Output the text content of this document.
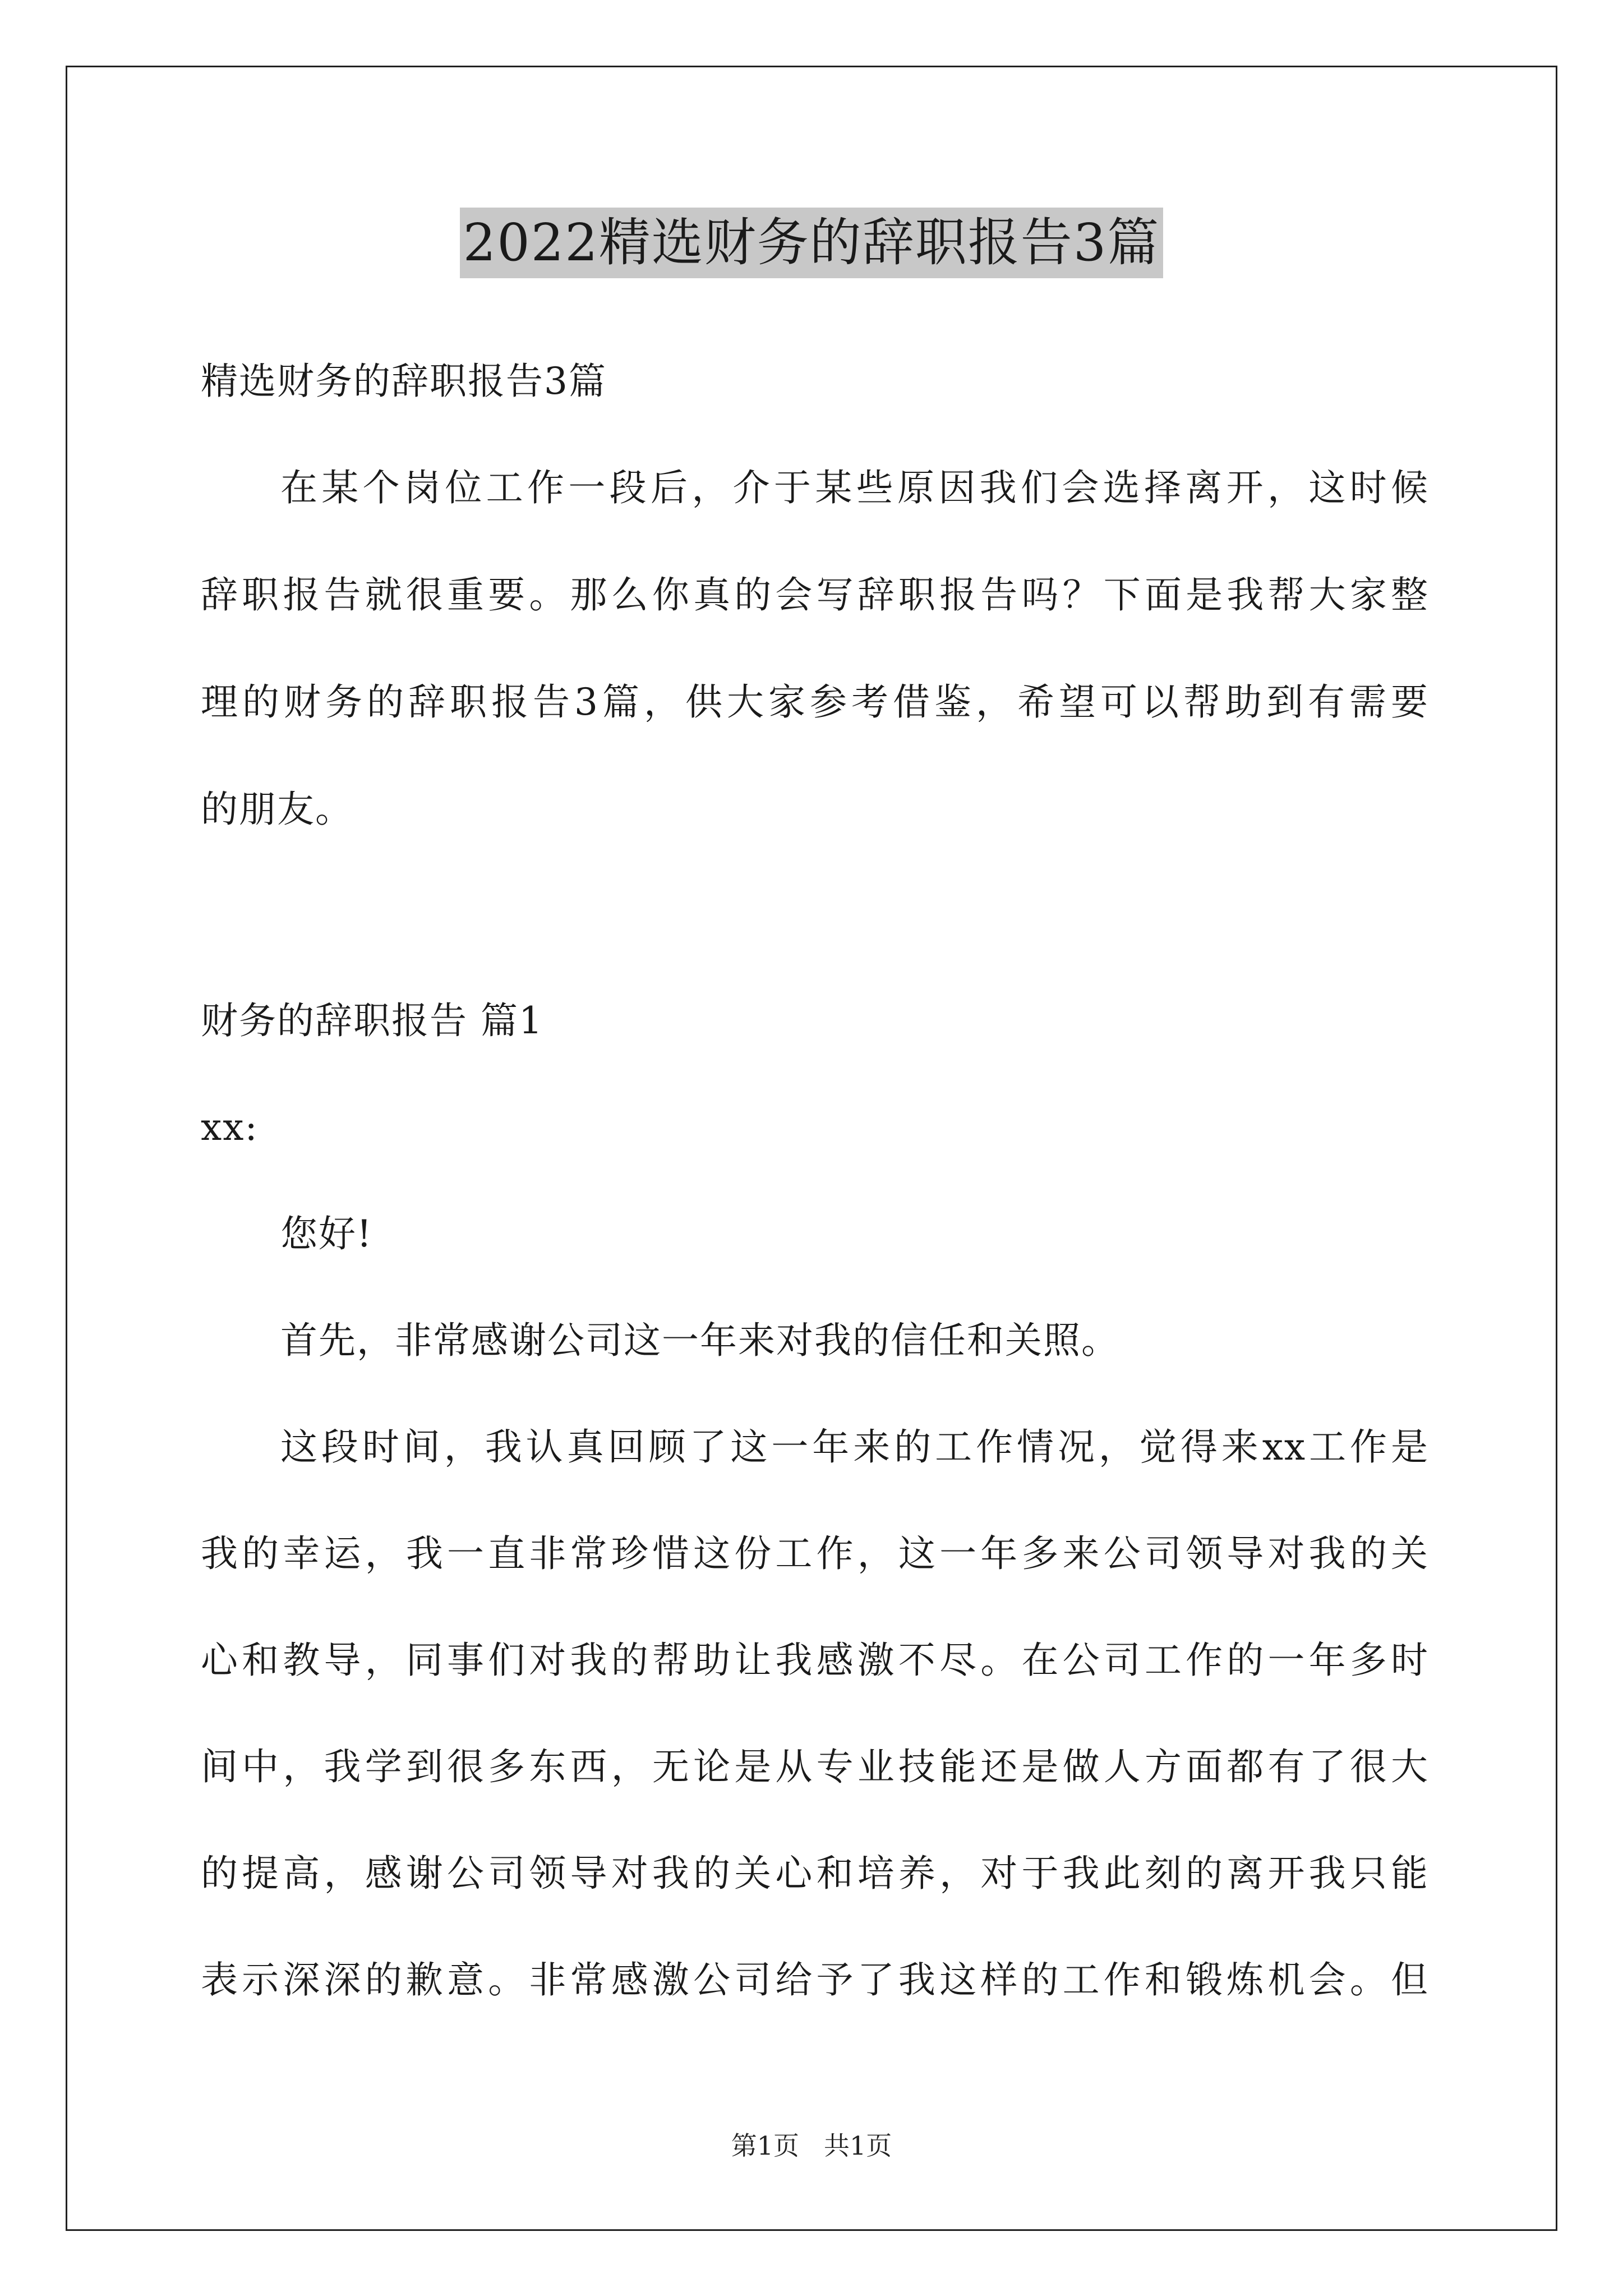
2022精选财务的辞职报告3篇
精选财务的辞职报告3篇
在某个岗位工作一段后，介于某些原因我们会选择离开，这时候
辞职报告就很重要。那么你真的会写辞职报告吗？下面是我帮大家整
理的财务的辞职报告3篇，供大家参考借鉴，希望可以帮助到有需要
的朋友。
财务的辞职报告 篇1
xx:
您好!
首先，非常感谢公司这一年来对我的信任和关照。
这段时间，我认真回顾了这一年来的工作情况，觉得来xx工作是
我的幸运，我一直非常珍惜这份工作，这一年多来公司领导对我的关
心和教导，同事们对我的帮助让我感激不尽。在公司工作的一年多时
间中，我学到很多东西，无论是从专业技能还是做人方面都有了很大
的提高，感谢公司领导对我的关心和培养，对于我此刻的离开我只能
表示深深的歉意。非常感激公司给予了我这样的工作和锻炼机会。但
第1页 共1页
